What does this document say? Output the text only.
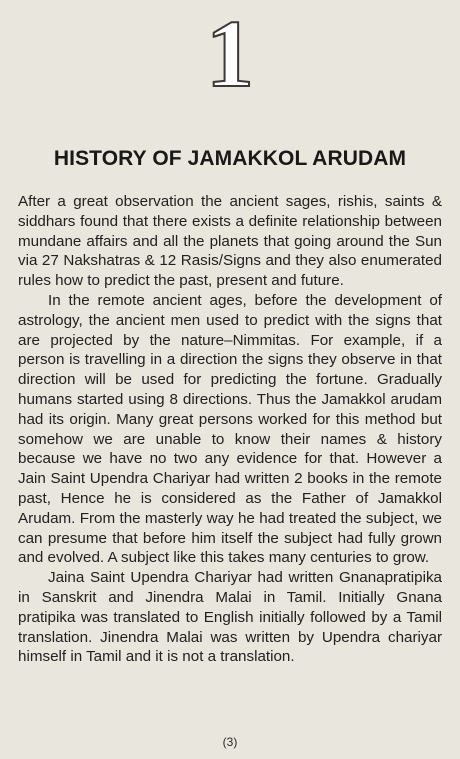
1
HISTORY OF JAMAKKOL ARUDAM

After a great observation the ancient sages, rishis, saints & siddhars found that there exists a definite relationship between mundane affairs and all the planets that going around the Sun via 27 Nakshatras & 12 Rasis/Signs and they also enumerated rules how to predict the past, present and future.

In the remote ancient ages, before the development of astrology, the ancient men used to predict with the signs that are projected by the nature–Nimmitas. For example, if a person is travelling in a direction the signs they observe in that direction will be used for predicting the fortune. Gradually humans started using 8 directions. Thus the Jamakkol arudam had its origin. Many great persons worked for this method but somehow we are unable to know their names & history because we have no two any evidence for that. However a Jain Saint Upendra Chariyar had written 2 books in the remote past, Hence he is considered as the Father of Jamakkol Arudam. From the masterly way he had treated the subject, we can presume that before him itself the subject had fully grown and evolved. A subject like this takes many centuries to grow.

Jaina Saint Upendra Chariyar had written Gnanapratipika in Sanskrit and Jinendra Malai in Tamil. Initially Gnana pratipika was translated to English initially followed by a Tamil translation. Jinendra Malai was written by Upendra chariyar himself in Tamil and it is not a translation.

(3)
